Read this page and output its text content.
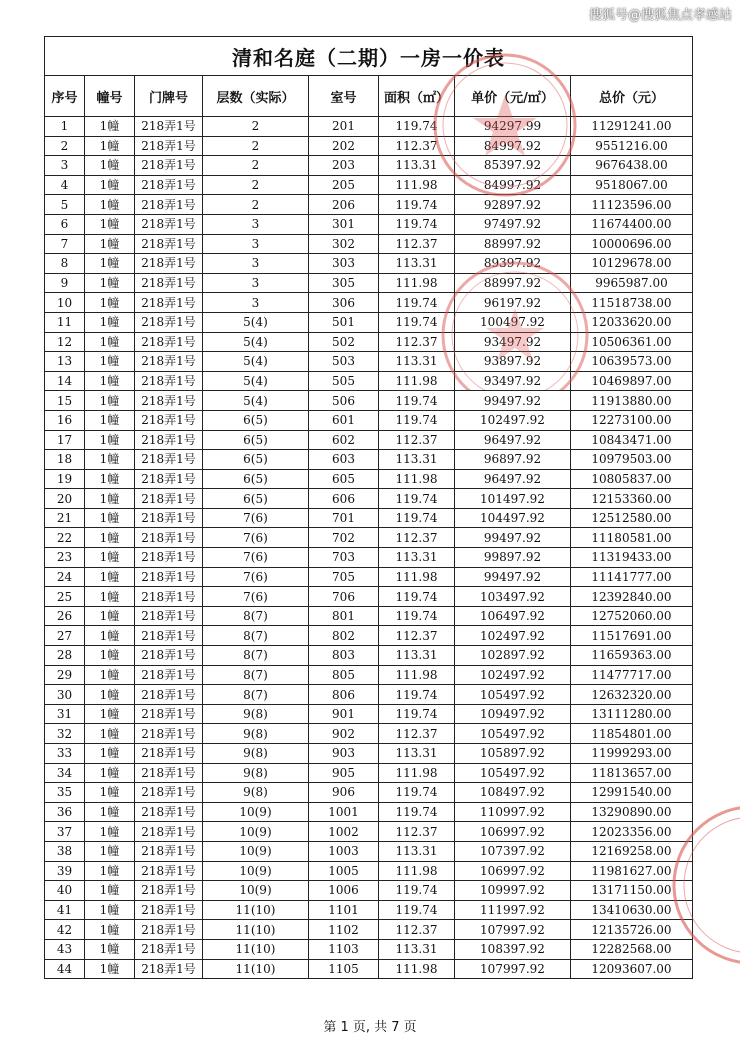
搜狐号@搜狐焦点孝感站
清和名庭（二期）一房一价表							
序号	幢号	门牌号	层数（实际）	室号	面积（㎡）	单价（元/㎡）	总价（元）
1	1幢	218弄1号	2	201	119.74	94297.99	11291241.00
2	1幢	218弄1号	2	202	112.37	84997.92	9551216.00
3	1幢	218弄1号	2	203	113.31	85397.92	9676438.00
4	1幢	218弄1号	2	205	111.98	84997.92	9518067.00
5	1幢	218弄1号	2	206	119.74	92897.92	11123596.00
6	1幢	218弄1号	3	301	119.74	97497.92	11674400.00
7	1幢	218弄1号	3	302	112.37	88997.92	10000696.00
8	1幢	218弄1号	3	303	113.31	89397.92	10129678.00
9	1幢	218弄1号	3	305	111.98	88997.92	9965987.00
10	1幢	218弄1号	3	306	119.74	96197.92	11518738.00
11	1幢	218弄1号	5(4)	501	119.74	100497.92	12033620.00
12	1幢	218弄1号	5(4)	502	112.37	93497.92	10506361.00
13	1幢	218弄1号	5(4)	503	113.31	93897.92	10639573.00
14	1幢	218弄1号	5(4)	505	111.98	93497.92	10469897.00
15	1幢	218弄1号	5(4)	506	119.74	99497.92	11913880.00
16	1幢	218弄1号	6(5)	601	119.74	102497.92	12273100.00
17	1幢	218弄1号	6(5)	602	112.37	96497.92	10843471.00
18	1幢	218弄1号	6(5)	603	113.31	96897.92	10979503.00
19	1幢	218弄1号	6(5)	605	111.98	96497.92	10805837.00
20	1幢	218弄1号	6(5)	606	119.74	101497.92	12153360.00
21	1幢	218弄1号	7(6)	701	119.74	104497.92	12512580.00
22	1幢	218弄1号	7(6)	702	112.37	99497.92	11180581.00
23	1幢	218弄1号	7(6)	703	113.31	99897.92	11319433.00
24	1幢	218弄1号	7(6)	705	111.98	99497.92	11141777.00
25	1幢	218弄1号	7(6)	706	119.74	103497.92	12392840.00
26	1幢	218弄1号	8(7)	801	119.74	106497.92	12752060.00
27	1幢	218弄1号	8(7)	802	112.37	102497.92	11517691.00
28	1幢	218弄1号	8(7)	803	113.31	102897.92	11659363.00
29	1幢	218弄1号	8(7)	805	111.98	102497.92	11477717.00
30	1幢	218弄1号	8(7)	806	119.74	105497.92	12632320.00
31	1幢	218弄1号	9(8)	901	119.74	109497.92	13111280.00
32	1幢	218弄1号	9(8)	902	112.37	105497.92	11854801.00
33	1幢	218弄1号	9(8)	903	113.31	105897.92	11999293.00
34	1幢	218弄1号	9(8)	905	111.98	105497.92	11813657.00
35	1幢	218弄1号	9(8)	906	119.74	108497.92	12991540.00
36	1幢	218弄1号	10(9)	1001	119.74	110997.92	13290890.00
37	1幢	218弄1号	10(9)	1002	112.37	106997.92	12023356.00
38	1幢	218弄1号	10(9)	1003	113.31	107397.92	12169258.00
39	1幢	218弄1号	10(9)	1005	111.98	106997.92	11981627.00
40	1幢	218弄1号	10(9)	1006	119.74	109997.92	13171150.00
41	1幢	218弄1号	11(10)	1101	119.74	111997.92	13410630.00
42	1幢	218弄1号	11(10)	1102	112.37	107997.92	12135726.00
43	1幢	218弄1号	11(10)	1103	113.31	108397.92	12282568.00
44	1幢	218弄1号	11(10)	1105	111.98	107997.92	12093607.00
第 1 页, 共 7 页
